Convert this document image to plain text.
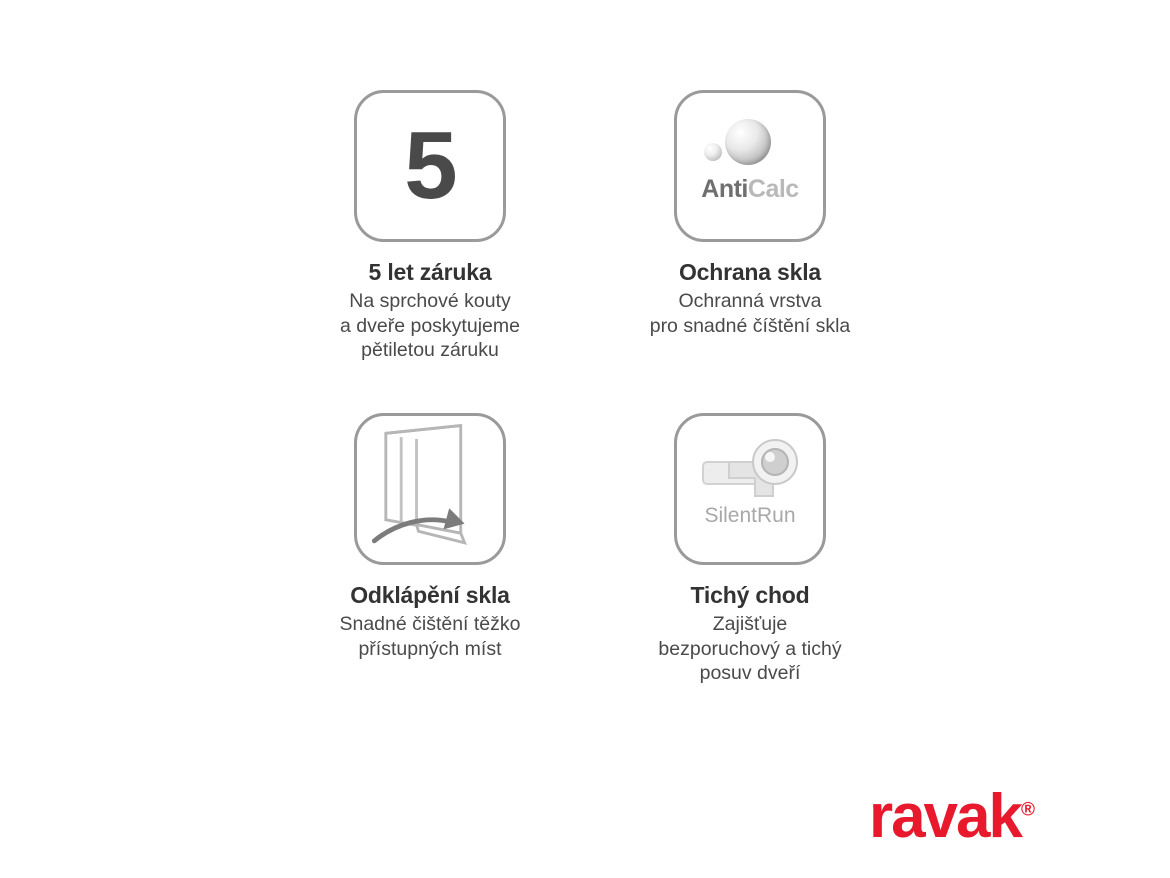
5
5 let záruka
Na sprchové kouty
a dveře poskytujeme
pětiletou záruku
AntiCalc
Ochrana skla
Ochranná vrstva
pro snadné číštění skla
Odklápění skla
Snadné čištění těžko
přístupných míst
SilentRun
Tichý chod
Zajišťuje
bezporuchový a tichý
posuv dveří
ravak®
